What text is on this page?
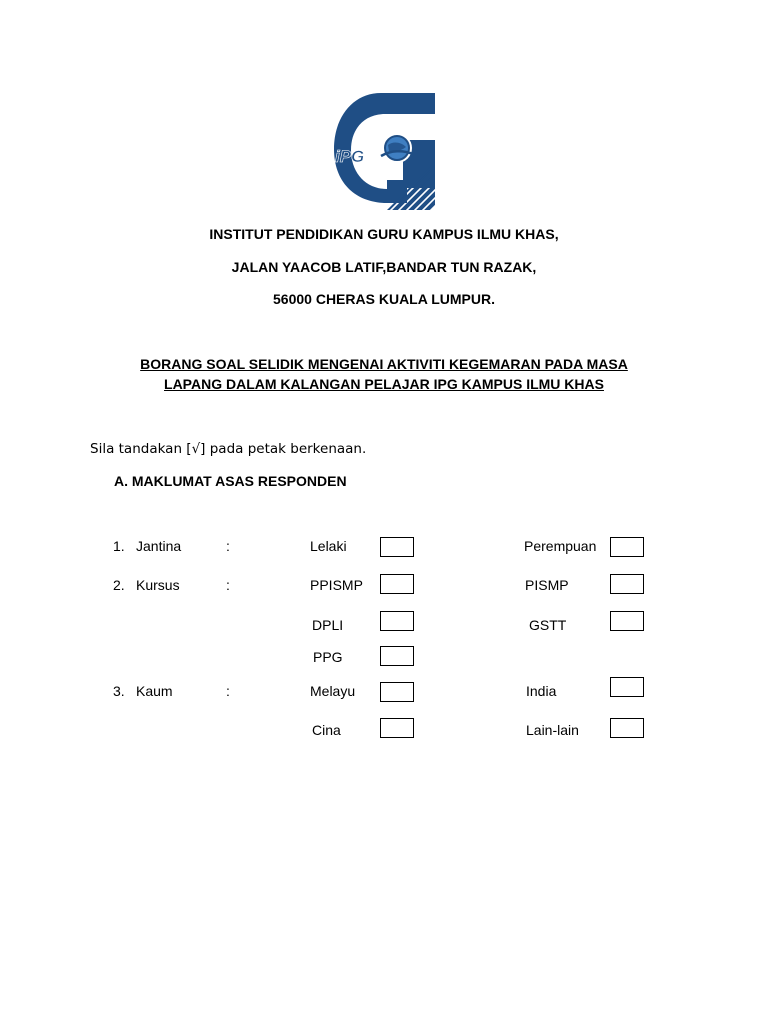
iPG
INSTITUT PENDIDIKAN GURU KAMPUS ILMU KHAS,
JALAN YAACOB LATIF,BANDAR TUN RAZAK,
56000 CHERAS KUALA LUMPUR.
BORANG SOAL SELIDIK MENGENAI AKTIVITI KEGEMARAN PADA MASA
LAPANG DALAM KALANGAN PELAJAR IPG KAMPUS ILMU KHAS
Sila tandakan [√] pada petak berkenaan.
A. MAKLUMAT ASAS RESPONDEN
1. Jantina	:	Lelaki	Perempuan
2. Kursus	:	PPISMP	PISMP
DPLI	GSTT
PPG
3. Kaum	:	Melayu	India
Cina	Lain-lain
